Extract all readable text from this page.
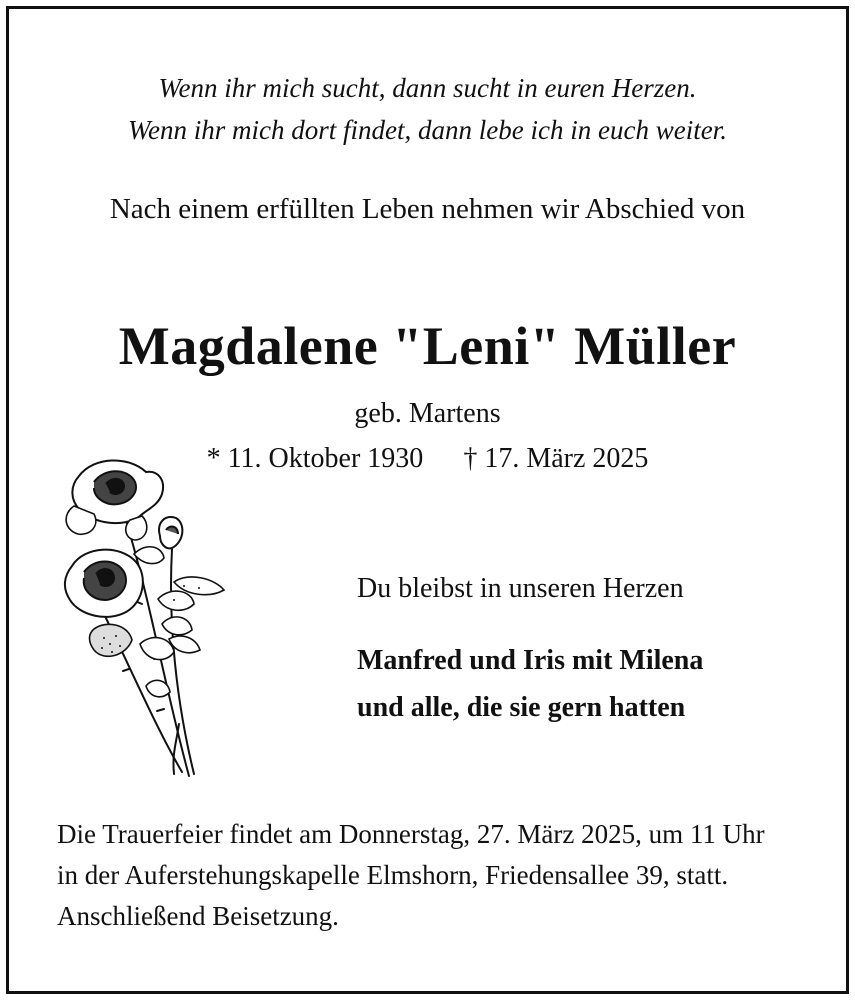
Wenn ihr mich sucht, dann sucht in euren Herzen.
Wenn ihr mich dort findet, dann lebe ich in euch weiter.
Nach einem erfüllten Leben nehmen wir Abschied von
Magdalene "Leni" Müller
geb. Martens
* 11. Oktober 1930 † 17. März 2025
Du bleibst in unseren Herzen
Manfred und Iris mit Milena
und alle, die sie gern hatten
Die Trauerfeier findet am Donnerstag, 27. März 2025, um 11 Uhr
in der Auferstehungskapelle Elmshorn, Friedensallee 39, statt.
Anschließend Beisetzung.
